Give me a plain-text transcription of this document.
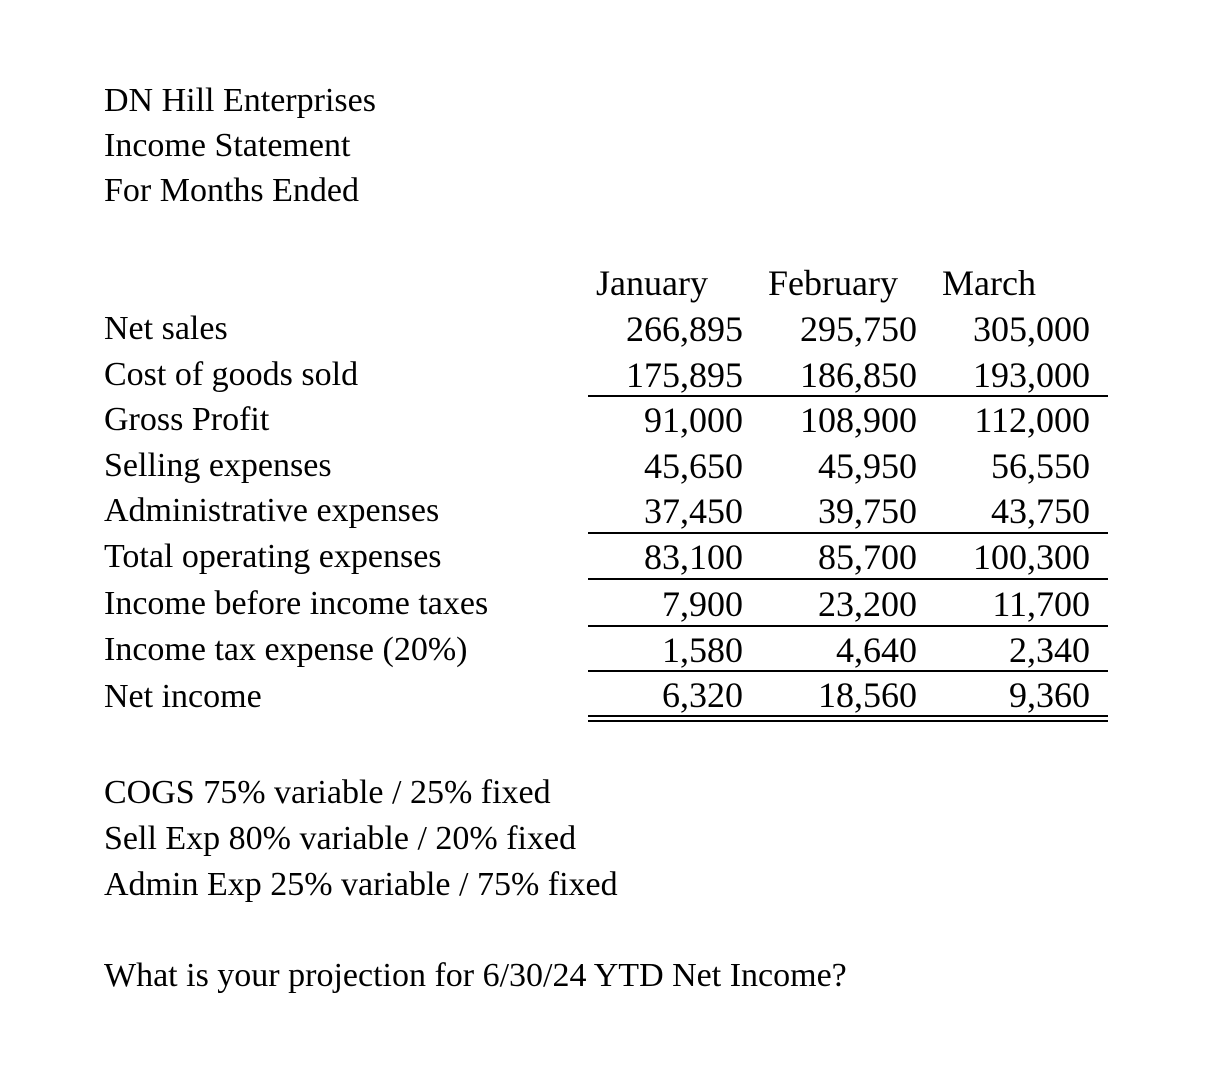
DN Hill Enterprises
Income Statement
For Months Ended
January February March
Net sales	266,895 295,750 305,000
Cost of goods sold	175,895 186,850 193,000
Gross Profit	91,000 108,900 112,000
Selling expenses	45,650 45,950 56,550
Administrative expenses	37,450 39,750 43,750
Total operating expenses	83,100 85,700 100,300
Income before income taxes	7,900 23,200 11,700
Income tax expense (20%)	1,580	4,640	2,340
Net income	6,320 18,560	9,360
COGS 75% variable / 25% fixed
Sell Exp 80% variable / 20% fixed
Admin Exp 25% variable / 75% fixed
What is your projection for 6/30/24 YTD Net Income?
